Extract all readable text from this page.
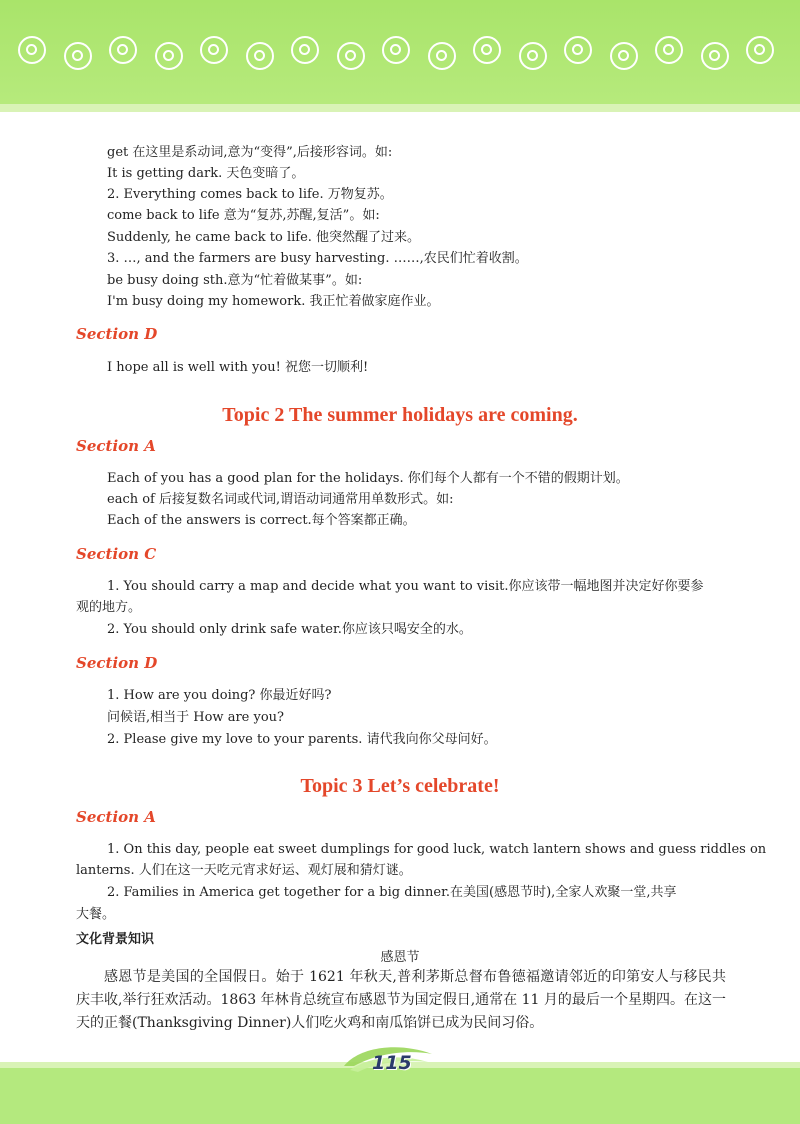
115
get 在这里是系动词,意为“变得”,后接形容词。如:
It is getting dark. 天色变暗了。
2. Everything comes back to life. 万物复苏。
come back to life 意为“复苏,苏醒,复活”。如:
Suddenly, he came back to life. 他突然醒了过来。
3. …, and the farmers are busy harvesting. ……,农民们忙着收割。
be busy doing sth.意为“忙着做某事”。如:
I'm busy doing my homework. 我正忙着做家庭作业。
Section D
I hope all is well with you! 祝您一切顺利!
Topic 2 The summer holidays are coming.
Section A
Each of you has a good plan for the holidays. 你们每个人都有一个不错的假期计划。
each of 后接复数名词或代词,谓语动词通常用单数形式。如:
Each of the answers is correct.每个答案都正确。
Section C
1. You should carry a map and decide what you want to visit.你应该带一幅地图并决定好你要参
观的地方。
2. You should only drink safe water.你应该只喝安全的水。
Section D
1. How are you doing? 你最近好吗?
问候语,相当于 How are you?
2. Please give my love to your parents. 请代我向你父母问好。
Topic 3 Let’s celebrate!
Section A
1. On this day, people eat sweet dumplings for good luck, watch lantern shows and guess riddles on
lanterns. 人们在这一天吃元宵求好运、观灯展和猜灯谜。
2. Families in America get together for a big dinner.在美国(感恩节时),全家人欢聚一堂,共享
大餐。
文化背景知识
感恩节
感恩节是美国的全国假日。始于 1621 年秋天,普利茅斯总督布鲁德福邀请邻近的印第安人与移民共庆丰收,举行狂欢活动。1863 年林肯总统宣布感恩节为国定假日,通常在 11 月的最后一个星期四。在这一天的正餐(Thanksgiving Dinner)人们吃火鸡和南瓜馅饼已成为民间习俗。
